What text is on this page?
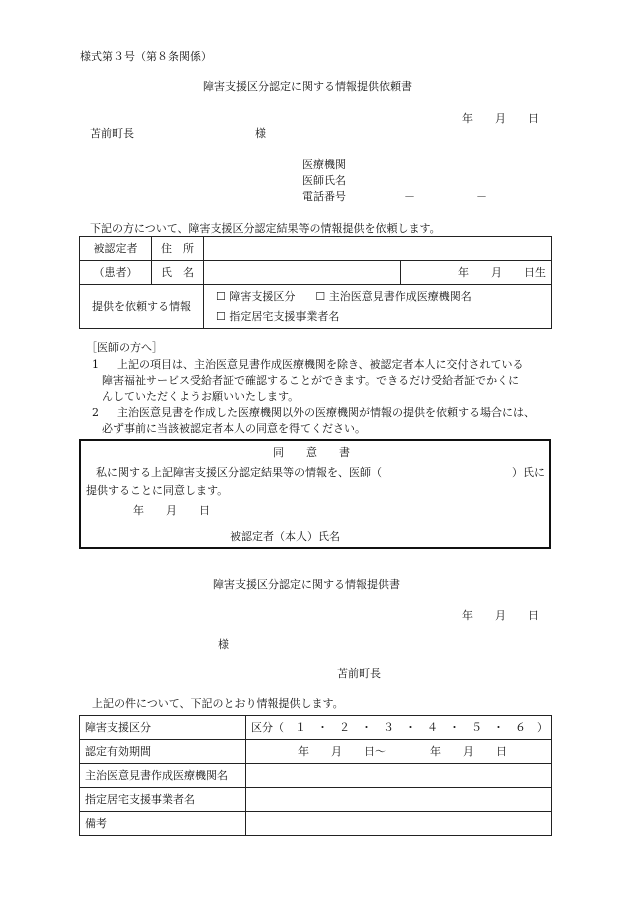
様式第３号（第８条関係）
障害支援区分認定に関する情報提供依頼書
年　　月　　日
苫前町長	様
医療機関
医師氏名
電話番号	－	－
下記の方について、障害支援区分認定結果等の情報提供を依頼します。
被認定者	住　所		
（患者）	氏　名		年　　月　　日生
提供を依頼する情報		☐ 障害支援区分 ☐ 主治医意見書作成医療機関名
☐ 指定居宅支援事業者名	
［医師の方へ］
1 上記の項目は、主治医意見書作成医療機関を除き、被認定者本人に交付されている
障害福祉サービス受給者証で確認することができます。できるだけ受給者証でかくに
んしていただくようお願いいたします。
2 主治医意見書を作成した医療機関以外の医療機関が情報の提供を依頼する場合には、
必ず事前に当該被認定者本人の同意を得てください。
同　　意　　書
私に関する上記障害支援区分認定結果等の情報を、医師（	）氏に
提供することに同意します。
年　　月　　日
被認定者（本人）氏名
障害支援区分認定に関する情報提供書
年　　月　　日
様
苫前町長
上記の件について、下記のとおり情報提供します。
障害支援区分	区分（　１　・　２　・　３　・　４　・　５　・　６　）
認定有効期間	年　　月　　日～　　　　年　　月　　日
主治医意見書作成医療機関名	
指定居宅支援事業者名	
備考	
